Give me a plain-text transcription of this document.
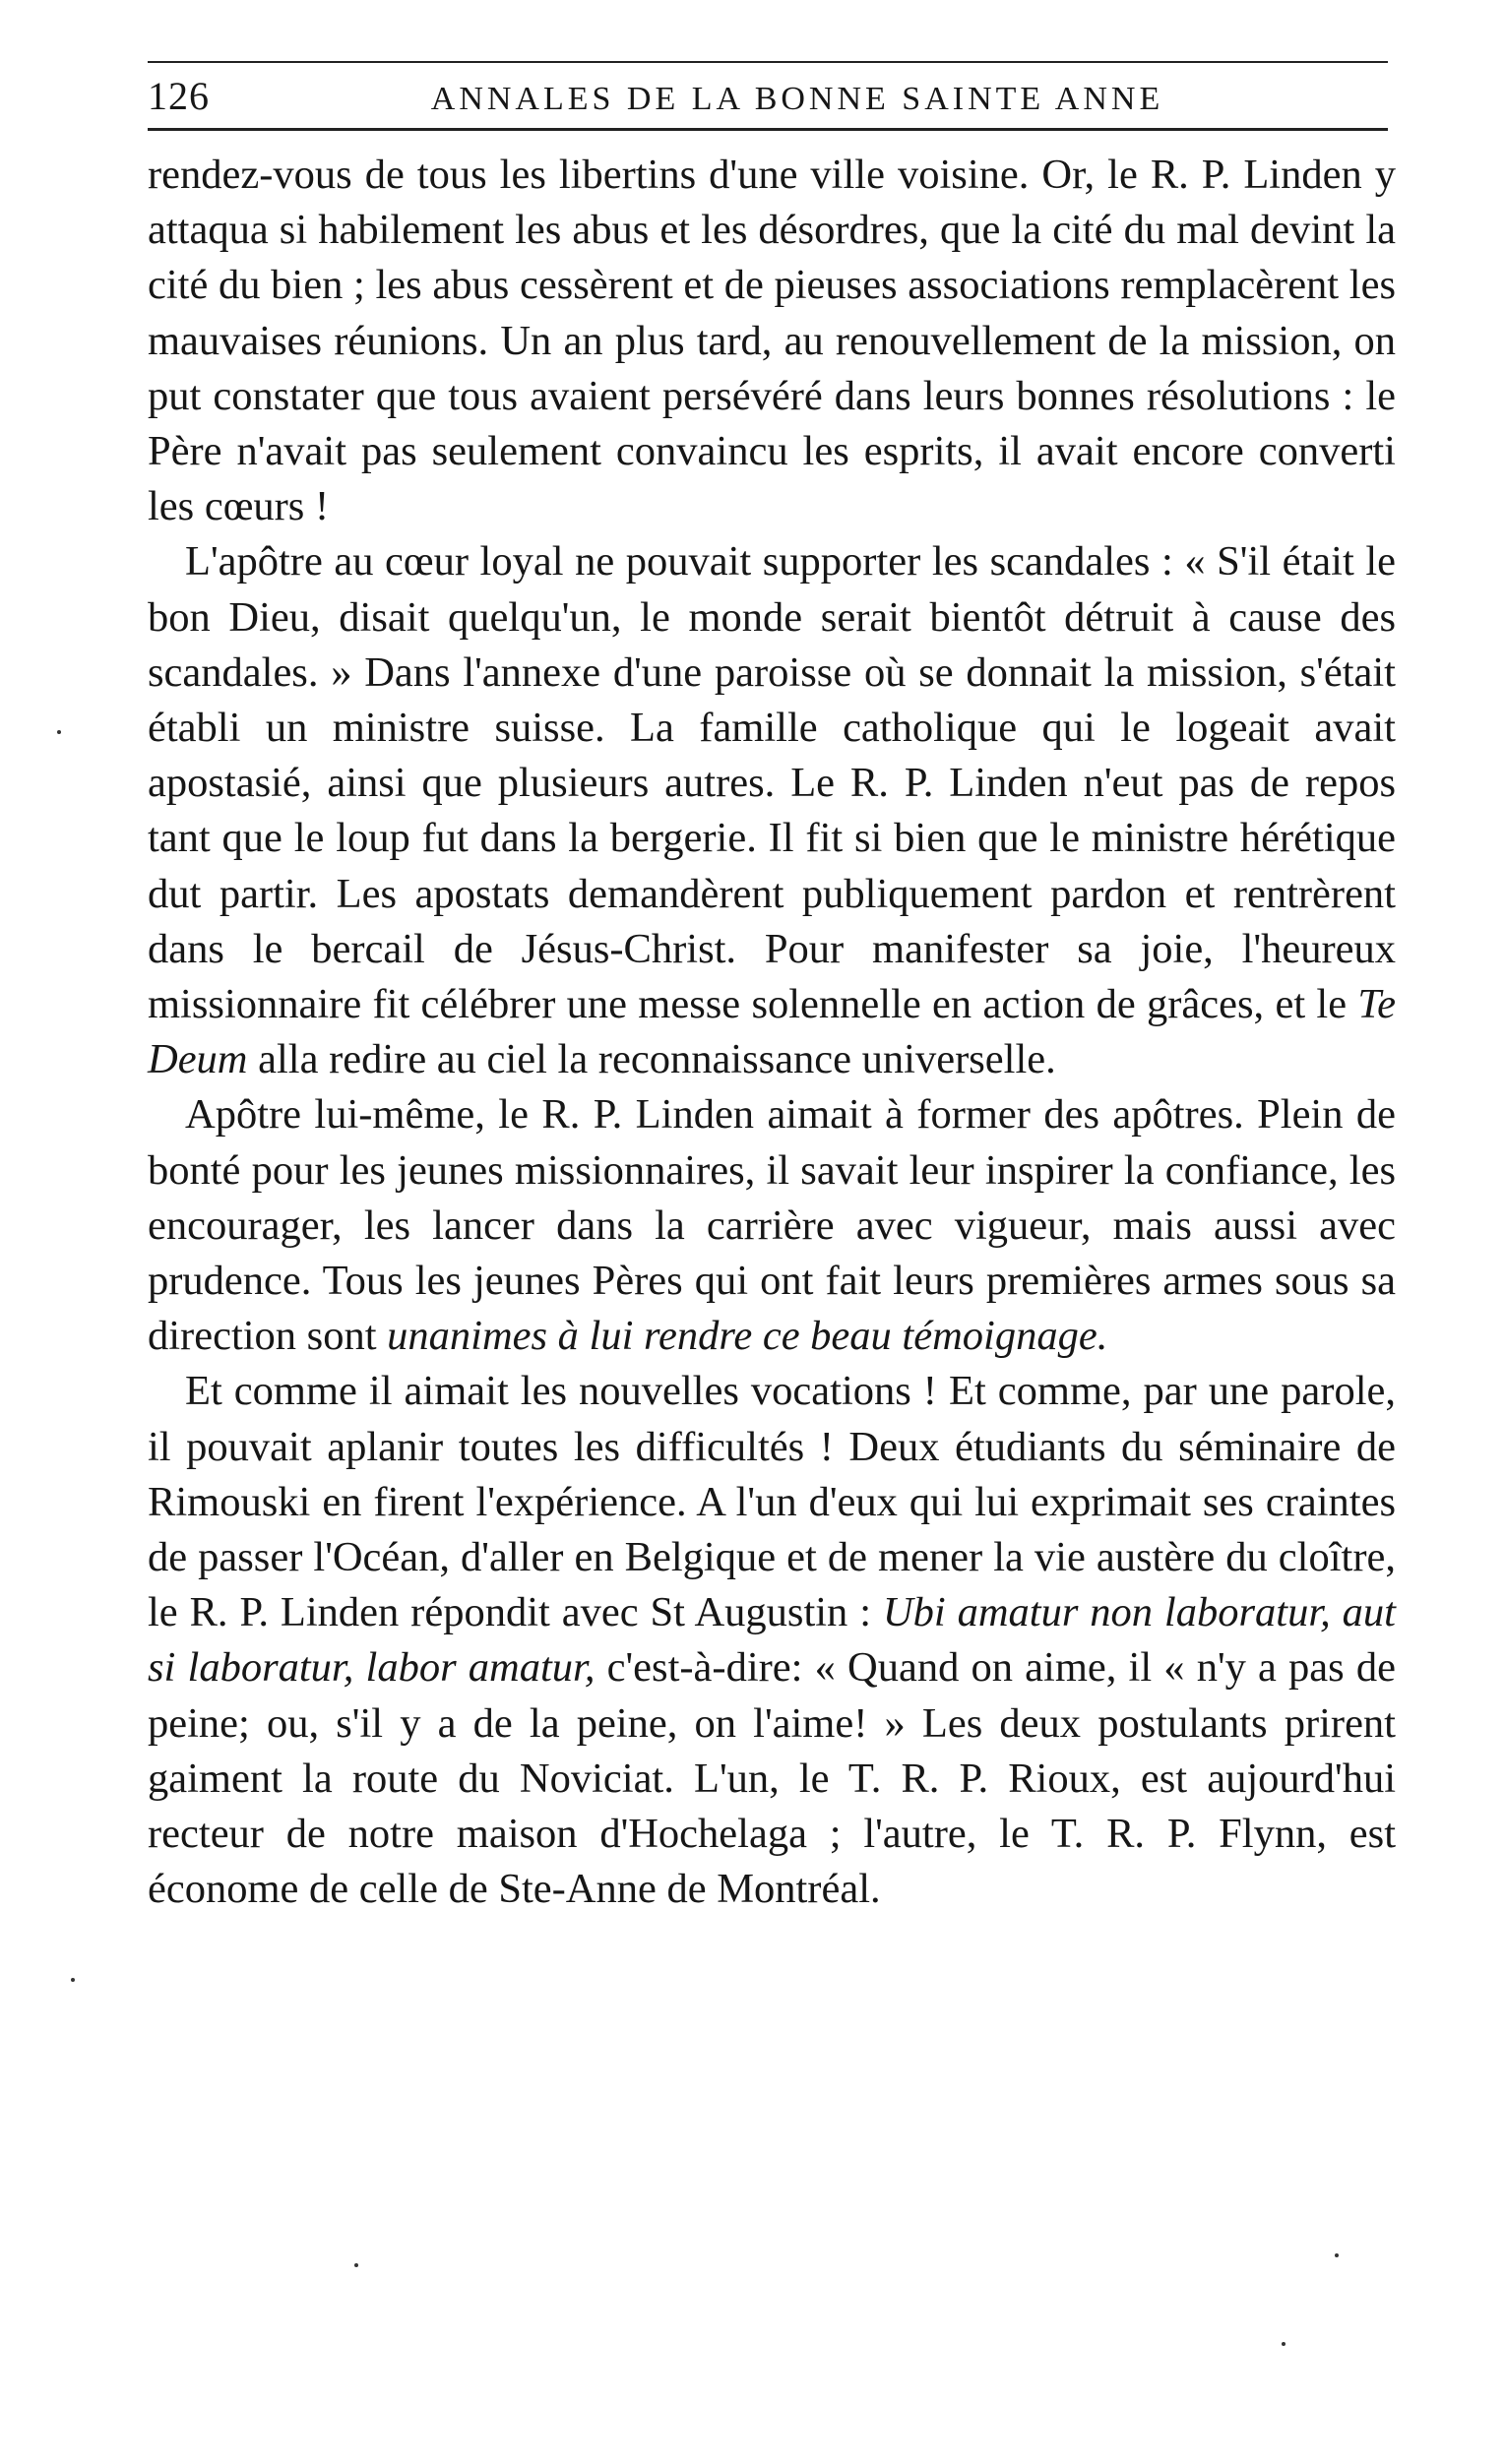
126	ANNALES DE LA BONNE SAINTE ANNE

rendez-vous de tous les libertins d'une ville voisine. Or, le R. P. Linden y attaqua si habilement les abus et les désordres, que la cité du mal devint la cité du bien ; les abus cessèrent et de pieuses associations remplacèrent les mauvaises réunions. Un an plus tard, au renouvellement de la mission, on put constater que tous avaient persévéré dans leurs bonnes résolutions : le Père n'avait pas seulement convaincu les esprits, il avait encore converti les cœurs !

L'apôtre au cœur loyal ne pouvait supporter les scandales : « S'il était le bon Dieu, disait quelqu'un, le monde serait bientôt détruit à cause des scandales. » Dans l'annexe d'une paroisse où se donnait la mission, s'était établi un ministre suisse. La famille catholique qui le logeait avait apostasié, ainsi que plusieurs autres. Le R. P. Linden n'eut pas de repos tant que le loup fut dans la bergerie. Il fit si bien que le ministre hérétique dut partir. Les apostats demandèrent publiquement pardon et rentrèrent dans le bercail de Jésus-Christ. Pour manifester sa joie, l'heureux missionnaire fit célébrer une messe solennelle en action de grâces, et le Te Deum alla redire au ciel la reconnaissance universelle.

Apôtre lui-même, le R. P. Linden aimait à former des apôtres. Plein de bonté pour les jeunes missionnaires, il savait leur inspirer la confiance, les encourager, les lancer dans la carrière avec vigueur, mais aussi avec prudence. Tous les jeunes Pères qui ont fait leurs premières armes sous sa direction sont unanimes à lui rendre ce beau témoignage.

Et comme il aimait les nouvelles vocations ! Et comme, par une parole, il pouvait aplanir toutes les difficultés ! Deux étudiants du séminaire de Rimouski en firent l'expérience. A l'un d'eux qui lui exprimait ses craintes de passer l'Océan, d'aller en Belgique et de mener la vie austère du cloître, le R. P. Linden répondit avec St Augustin : Ubi amatur non laboratur, aut si laboratur, labor amatur, c'est-à-dire: « Quand on aime, il « n'y a pas de peine; ou, s'il y a de la peine, on l'aime! » Les deux postulants prirent gaiment la route du Noviciat. L'un, le T. R. P. Rioux, est aujourd'hui recteur de notre maison d'Hochelaga ; l'autre, le T. R. P. Flynn, est économe de celle de Ste-Anne de Montréal.
